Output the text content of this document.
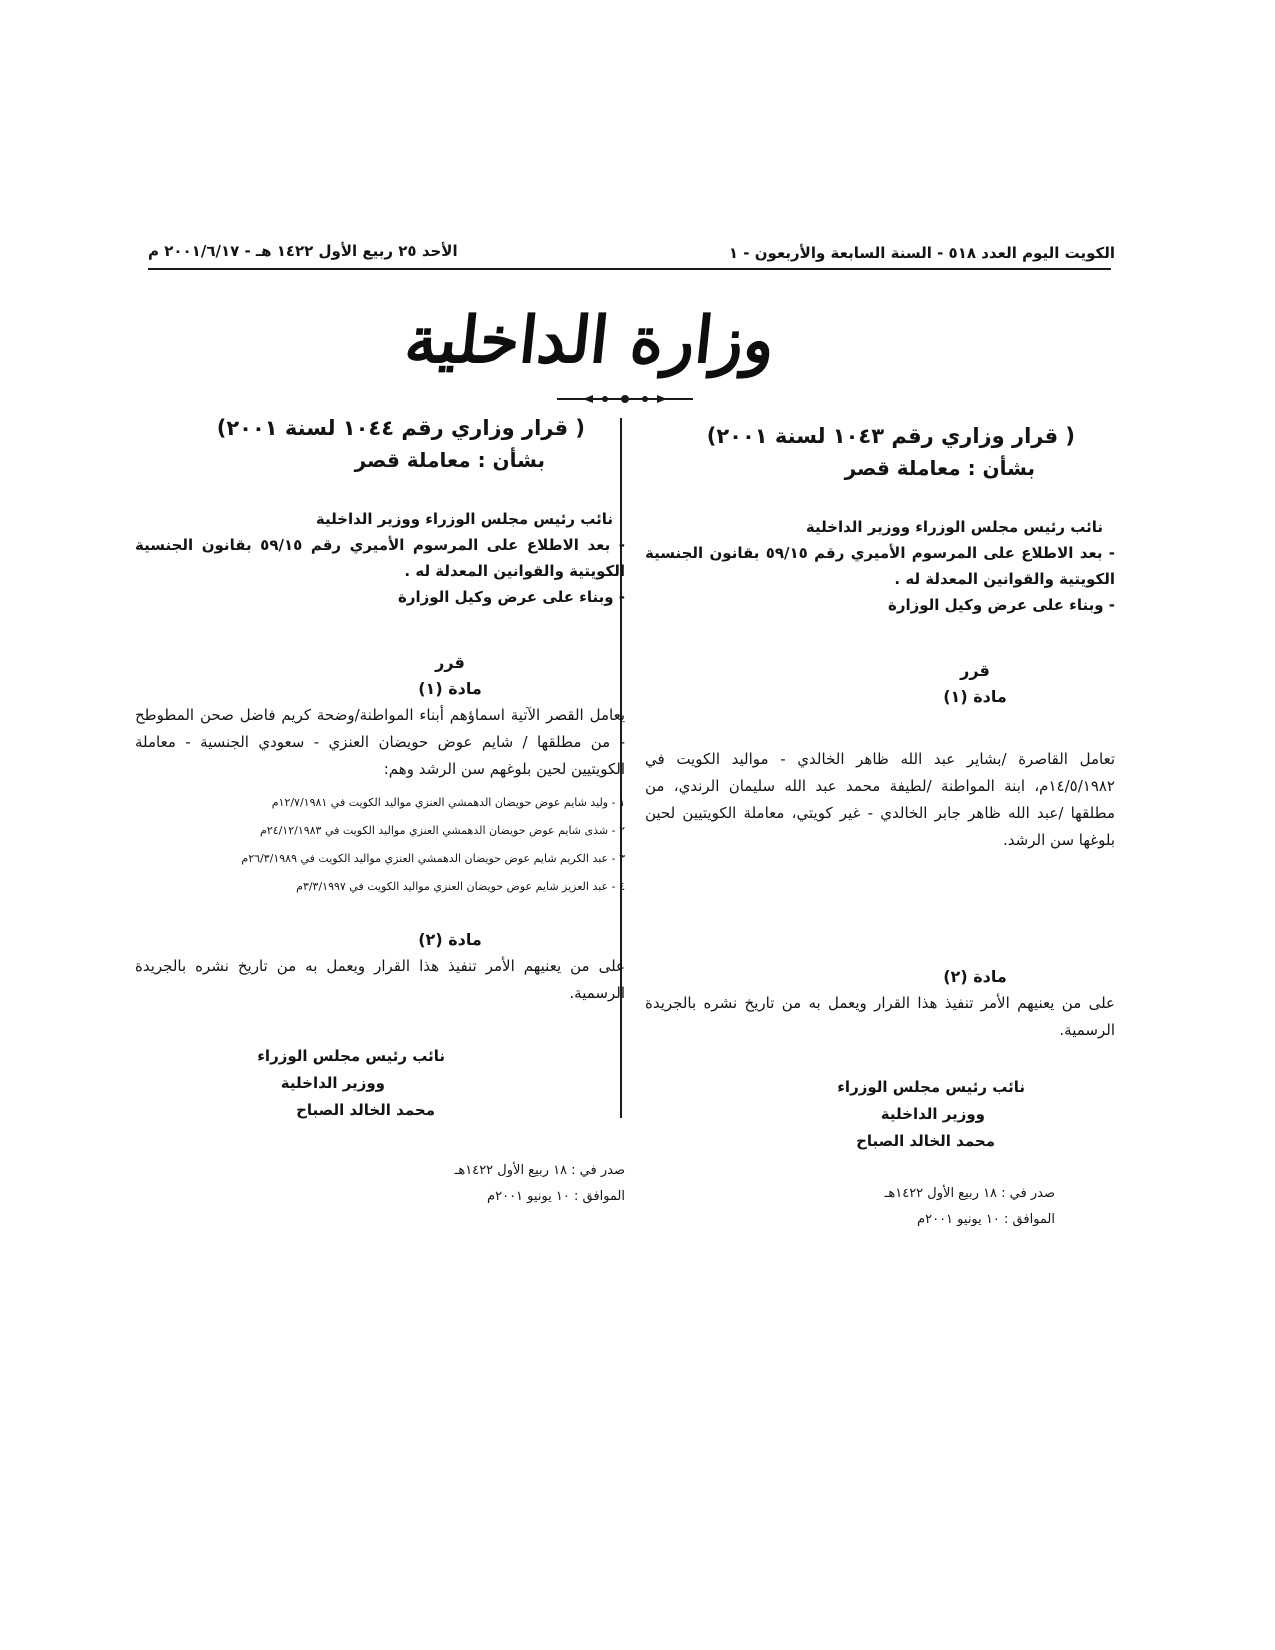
الكويت اليوم العدد ٥١٨ - السنة السابعة والأربعون - ١
الأحد ٢٥ ربيع الأول ١٤٢٢ هـ - ٢٠٠١/٦/١٧ م
وزارة الداخلية
( قرار وزاري رقم ١٠٤٣ لسنة ٢٠٠١)
بشأن : معاملة قصر

نائب رئيس مجلس الوزراء ووزير الداخلية

- بعد الاطلاع على المرسوم الأميري رقم ٥٩/١٥ بقانون الجنسية الكويتية والقوانين المعدلة له .

- وبناء على عرض وكيل الوزارة

قرر
مادة (١)

تعامل القاصرة /بشاير عبد الله ظاهر الخالدي - مواليد الكويت في ١٤/٥/١٩٨٢م، ابنة المواطنة /لطيفة محمد عبد الله سليمان الرندي، من مطلقها /عبد الله ظاهر جابر الخالدي - غير كويتي، معاملة الكويتيين لحين بلوغها سن الرشد.

مادة (٢)

على من يعنيهم الأمر تنفيذ هذا القرار ويعمل به من تاريخ نشره بالجريدة الرسمية.

نائب رئيس مجلس الوزراء
ووزير الداخلية
محمد الخالد الصباح
صدر في : ١٨ ربيع الأول ١٤٢٢هـ
الموافق : ١٠ يونيو ٢٠٠١م
( قرار وزاري رقم ١٠٤٤ لسنة ٢٠٠١)
بشأن : معاملة قصر

نائب رئيس مجلس الوزراء ووزير الداخلية

- بعد الاطلاع على المرسوم الأميري رقم ٥٩/١٥ بقانون الجنسية الكويتية والقوانين المعدلة له .

- وبناء على عرض وكيل الوزارة

قرر
مادة (١)

يعامل القصر الآتية اسماؤهم أبناء المواطنة/وضحة كريم فاضل صحن المطوطح - من مطلقها / شايم عوض حويضان العنزي - سعودي الجنسية - معاملة الكويتيين لحين بلوغهم سن الرشد وهم:

١ - وليد شايم عوض حويضان الدهمشي العنزي مواليد الكويت في ١٢/٧/١٩٨١م
٢ - شذى شايم عوض حويضان الدهمشي العنزي مواليد الكويت في ٢٤/١٢/١٩٨٣م
٣ - عبد الكريم شايم عوض حويضان الدهمشي العنزي مواليد الكويت في ٢٦/٣/١٩٨٩م
٤ - عبد العزيز شايم عوض حويضان العنزي مواليد الكويت في ٣/٣/١٩٩٧م
مادة (٢)

على من يعنيهم الأمر تنفيذ هذا القرار ويعمل به من تاريخ نشره بالجريدة الرسمية.

نائب رئيس مجلس الوزراء
ووزير الداخلية
محمد الخالد الصباح
صدر في : ١٨ ربيع الأول ١٤٢٢هـ
الموافق : ١٠ يونيو ٢٠٠١م
